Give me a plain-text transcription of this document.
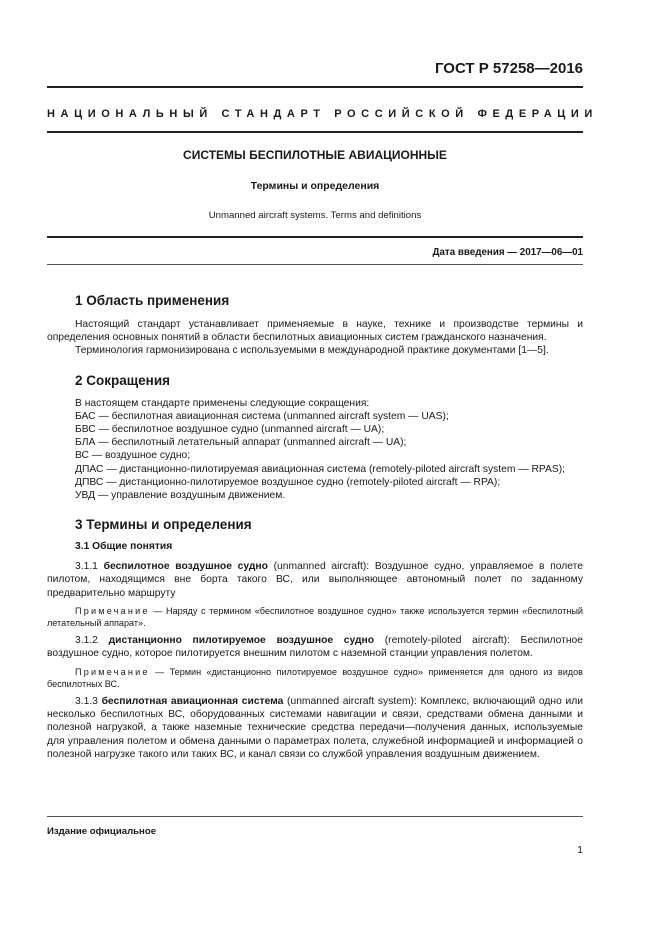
ГОСТ Р 57258—2016
НАЦИОНАЛЬНЫЙ СТАНДАРТ РОССИЙСКОЙ ФЕДЕРАЦИИ
СИСТЕМЫ БЕСПИЛОТНЫЕ АВИАЦИОННЫЕ
Термины и определения
Unmanned aircraft systems. Terms and definitions
Дата введения — 2017—06—01
1 Область применения

Настоящий стандарт устанавливает применяемые в науке, технике и производстве термины и определения основных понятий в области беспилотных авиационных систем гражданского назначения.

Терминология гармонизирована с используемыми в международной практике документами [1—5].

2 Сокращения

В настоящем стандарте применены следующие сокращения:

БАС — беспилотная авиационная система (unmanned aircraft system — UAS);

БВС — беспилотное воздушное судно (unmanned aircraft — UA);

БЛА — беспилотный летательный аппарат (unmanned aircraft — UA);

ВС — воздушное судно;

ДПАС — дистанционно-пилотируемая авиационная система (remotely-piloted aircraft system — RPAS);

ДПВС — дистанционно-пилотируемое воздушное судно (remotely-piloted aircraft — RPA);

УВД — управление воздушным движением.

3 Термины и определения
3.1 Общие понятия

3.1.1 беспилотное воздушное судно (unmanned aircraft): Воздушное судно, управляемое в полете пилотом, находящимся вне борта такого ВС, или выполняющее автономный полет по заданному предварительно маршруту

Примечание — Наряду с термином «беспилотное воздушное судно» также используется термин «беспилотный летательный аппарат».

3.1.2 дистанционно пилотируемое воздушное судно (remotely-piloted aircraft): Беспилотное воздушное судно, которое пилотируется внешним пилотом с наземной станции управления полетом.

Примечание — Термин «дистанционно пилотируемое воздушное судно» применяется для одного из видов беспилотных ВС.

3.1.3 беспилотная авиационная система (unmanned aircraft system): Комплекс, включающий одно или несколько беспилотных ВС, оборудованных системами навигации и связи, средствами обмена данными и полезной нагрузкой, а также наземные технические средства передачи—получения данных, используемые для управления полетом и обмена данными о параметрах полета, служебной информацией и информацией о полезной нагрузке такого или таких ВС, и канал связи со службой управления воздушным движением.

Издание официальное
1
